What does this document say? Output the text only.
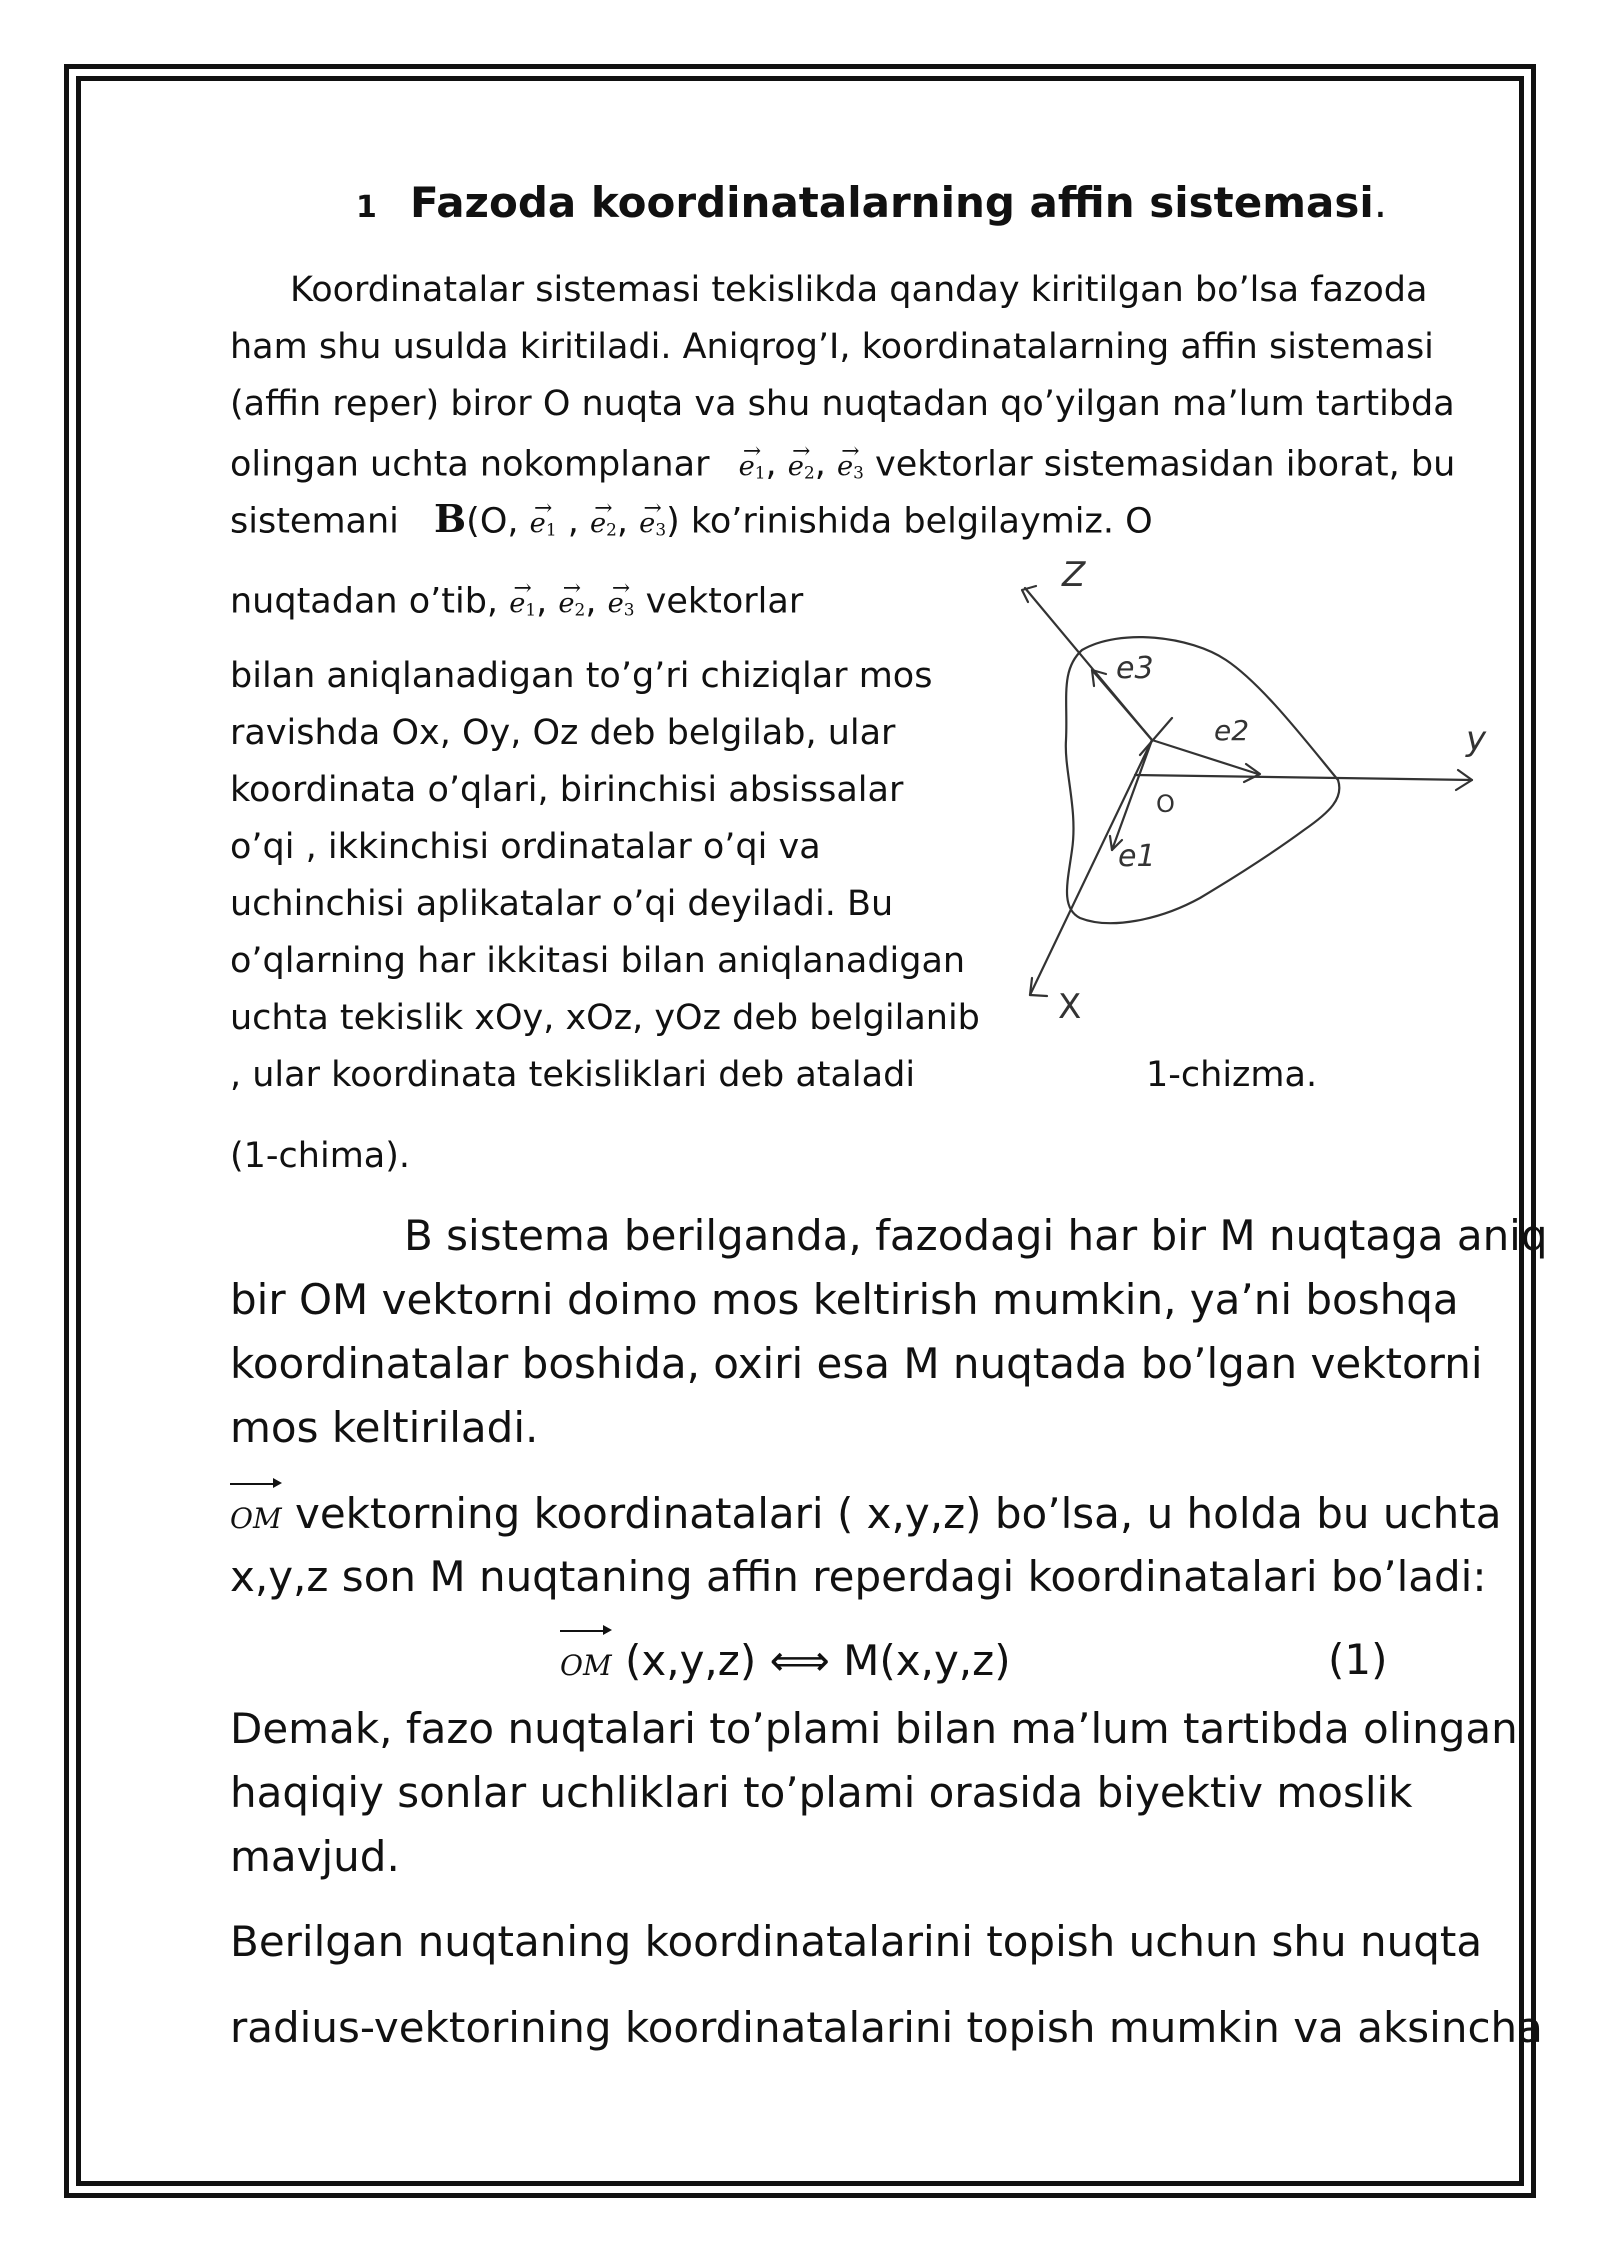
1 Fazoda koordinatalarning affin sistemasi.
Koordinatalar sistemasi tekislikda qanday kiritilgan bo’lsa fazoda
ham shu usulda kiritiladi. Aniqrog’I, koordinatalarning affin sistemasi
(affin reper) biror O nuqta va shu nuqtadan qo’yilgan ma’lum tartibda
olingan uchta nokomplanar → $e_1$, → $e_2$, → $e_3$ vektorlar sistemasidan iborat, bu
sistemani B(O, → $e_1$ , → $e_2$, → $e_3$) ko’rinishida belgilaymiz. O
nuqtadan o’tib, → $e_1$, → $e_2$, → $e_3$ vektorlar
bilan aniqlanadigan to’g’ri chiziqlar mos
ravishda Ox, Oy, Oz deb belgilab, ular
koordinata o’qlari, birinchisi absissalar
o’qi , ikkinchisi ordinatalar o’qi va
uchinchisi aplikatalar o’qi deyiladi. Bu
o’qlarning har ikkitasi bilan aniqlanadigan
uchta tekislik xOy, xOz, yOz deb belgilanib
, ular koordinata tekisliklari deb ataladi
(1-chima).
Z
y
X
O
e3
e2
e1
1-chizma.
B sistema berilganda, fazodagi har bir M nuqtaga aniq
bir OM vektorni doimo mos keltirish mumkin, ya’ni boshqa
koordinatalar boshida, oxiri esa M nuqtada bo’lgan vektorni
mos keltiriladi.
OM vektorning koordinatalari ( x,y,z) bo’lsa, u holda bu uchta
x,y,z son M nuqtaning affin reperdagi koordinatalari bo’ladi:
OM (x,y,z) ⟺ M(x,y,z)	(1)
Demak, fazo nuqtalari to’plami bilan ma’lum tartibda olingan
haqiqiy sonlar uchliklari to’plami orasida biyektiv moslik
mavjud.
Berilgan nuqtaning koordinatalarini topish uchun shu nuqta
radius-vektorining koordinatalarini topish mumkin va aksincha
